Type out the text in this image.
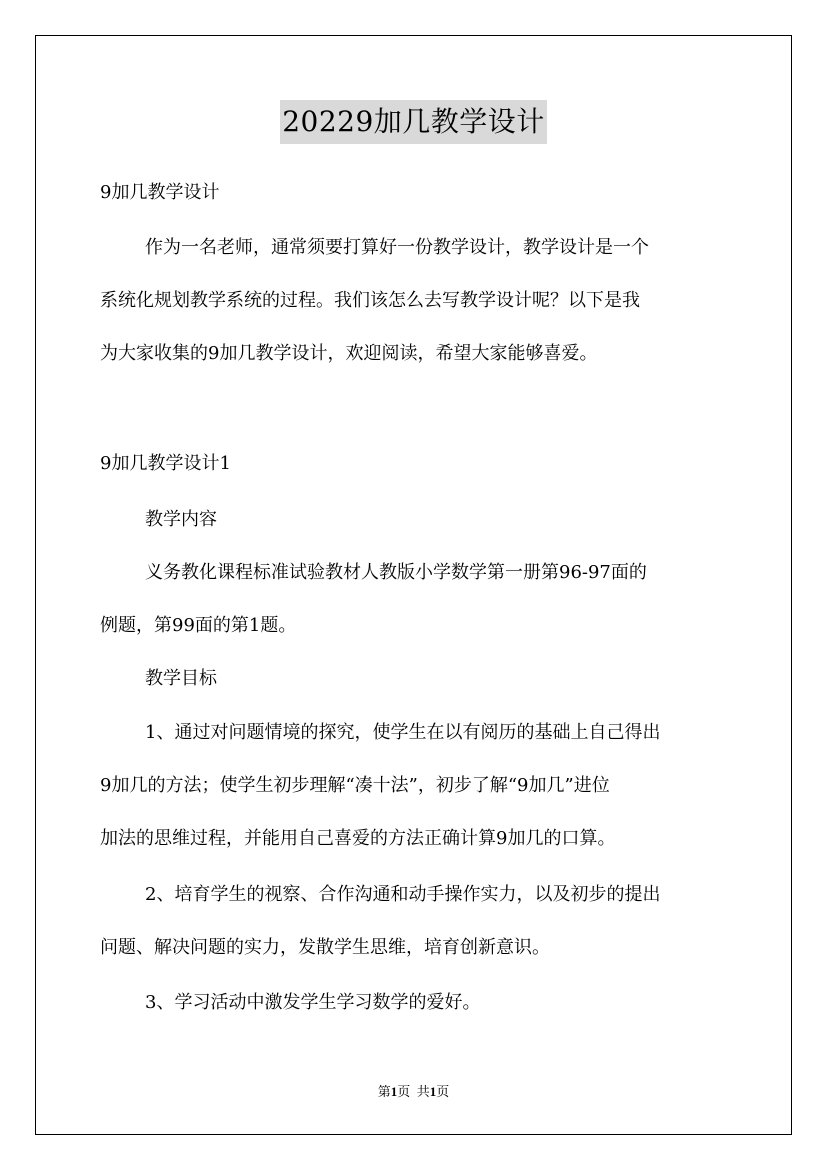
20229加几教学设计
9加几教学设计
作为一名老师，通常须要打算好一份教学设计，教学设计是一个
系统化规划教学系统的过程。我们该怎么去写教学设计呢？以下是我
为大家收集的9加几教学设计，欢迎阅读，希望大家能够喜爱。
9加几教学设计1
教学内容
义务教化课程标准试验教材人教版小学数学第一册第96-97面的
例题，第99面的第1题。
教学目标
1、通过对问题情境的探究，使学生在以有阅历的基础上自己得出
9加几的方法；使学生初步理解“凑十法”，初步了解“9加几”进位
加法的思维过程，并能用自己喜爱的方法正确计算9加几的口算。
2、培育学生的视察、合作沟通和动手操作实力，以及初步的提出
问题、解决问题的实力，发散学生思维，培育创新意识。
3、学习活动中激发学生学习数学的爱好。
第1页 共1页
